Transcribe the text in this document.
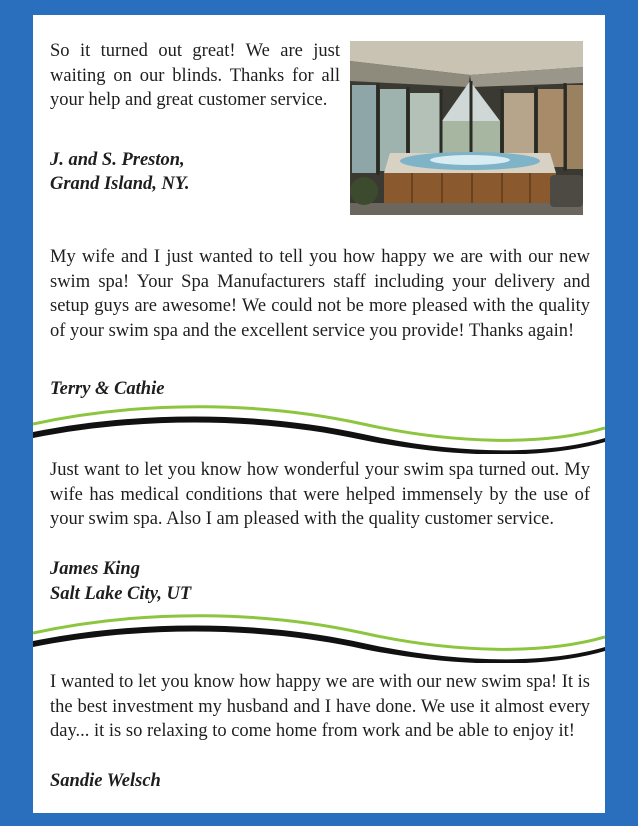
So it turned out great! We are just waiting on our blinds. Thanks for all your help and great customer service.

J. and S. Preston,

Grand Island, NY.

My wife and I just wanted to tell you how happy we are with our new swim spa! Your Spa Manufacturers staff including your delivery and setup guys are awesome! We could not be more pleased with the quality of your swim spa and the excellent service you provide! Thanks again!

Terry & Cathie

Just want to let you know how wonderful your swim spa turned out. My wife has medical conditions that were helped immensely by the use of your swim spa. Also I am pleased with the quality customer service.

James King

Salt Lake City, UT

I wanted to let you know how happy we are with our new swim spa! It is the best investment my husband and I have done. We use it almost every day... it is so relaxing to come home from work and be able to enjoy it!

Sandie Welsch
